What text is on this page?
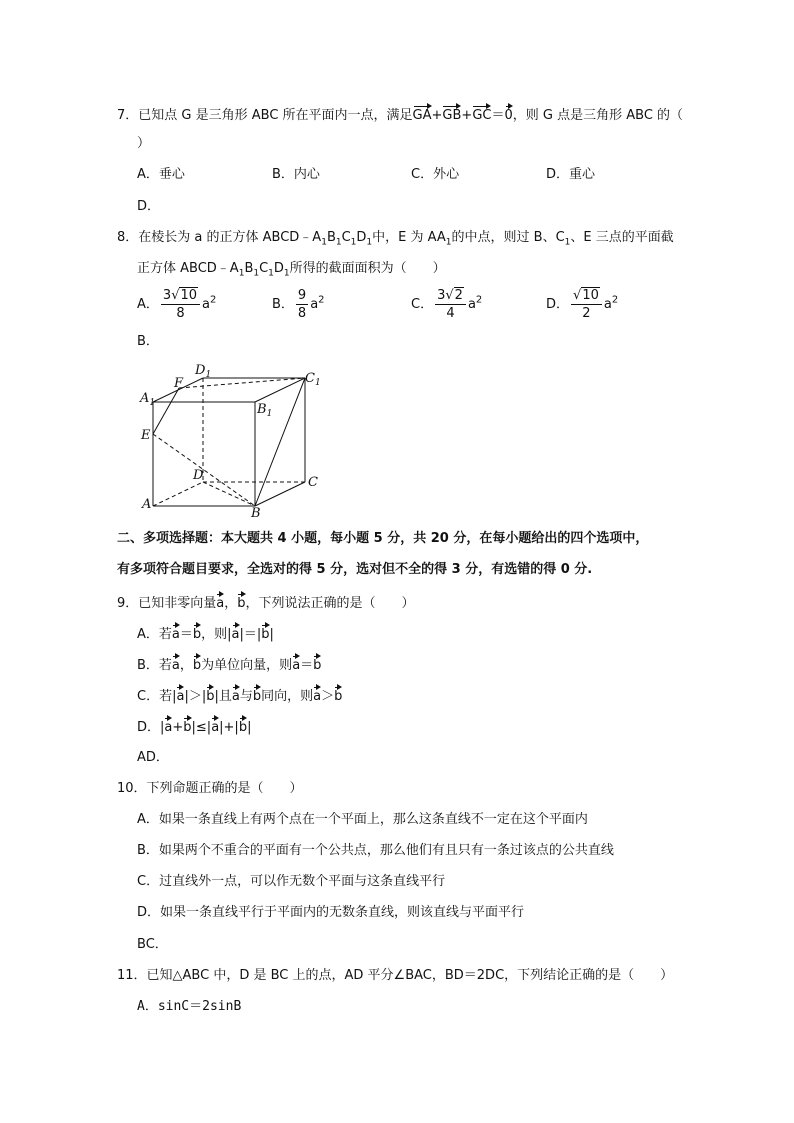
7．已知点 G 是三角形 ABC 所在平面内一点，满足GA+GB+GC＝0，则 G 点是三角形 ABC 的（
）
A．垂心	B．内心	C．外心	D．重心
D．
8．在棱长为 a 的正方体 $ABCD﹣A_1B_1C_1D_1$中，E 为 $AA_1$的中点，则过 B、$C_1$、E 三点的平面截
正方体 $ABCD﹣A_1B_1C_1D_1$所得的截面面积为（　　）
A． $\frac{3√10}{8} a^2$	B． $\frac{9}{8} a^2$	C． $\frac{3√2}{4} a^2$	D． $\frac{√10}{2} a^2$
B．
$D_1$	$C_1$
$A_1$
F
$B_1$
E
D	C
A
B
二、多项选择题：本大题共 4 小题，每小题 5 分，共 20 分，在每小题给出的四个选项中，
有多项符合题目要求，全选对的得 5 分，选对但不全的得 3 分，有选错的得 0 分.
9．已知非零向量a，b，下列说法正确的是（　　）
A．若a＝b，则|a|＝|b|
B．若a，b为单位向量，则a＝b
C．若|a|＞|b|且a与b同向，则a＞b
D．|a+b|≤|a|+|b|
AD．
10．下列命题正确的是（　　）
A．如果一条直线上有两个点在一个平面上，那么这条直线不一定在这个平面内
B．如果两个不重合的平面有一个公共点，那么他们有且只有一条过该点的公共直线
C．过直线外一点，可以作无数个平面与这条直线平行
D．如果一条直线平行于平面内的无数条直线，则该直线与平面平行
BC．
11．已知△ABC 中，D 是 BC 上的点，AD 平分∠BAC，BD＝2DC，下列结论正确的是（　　）
A．sinC＝2sinB
